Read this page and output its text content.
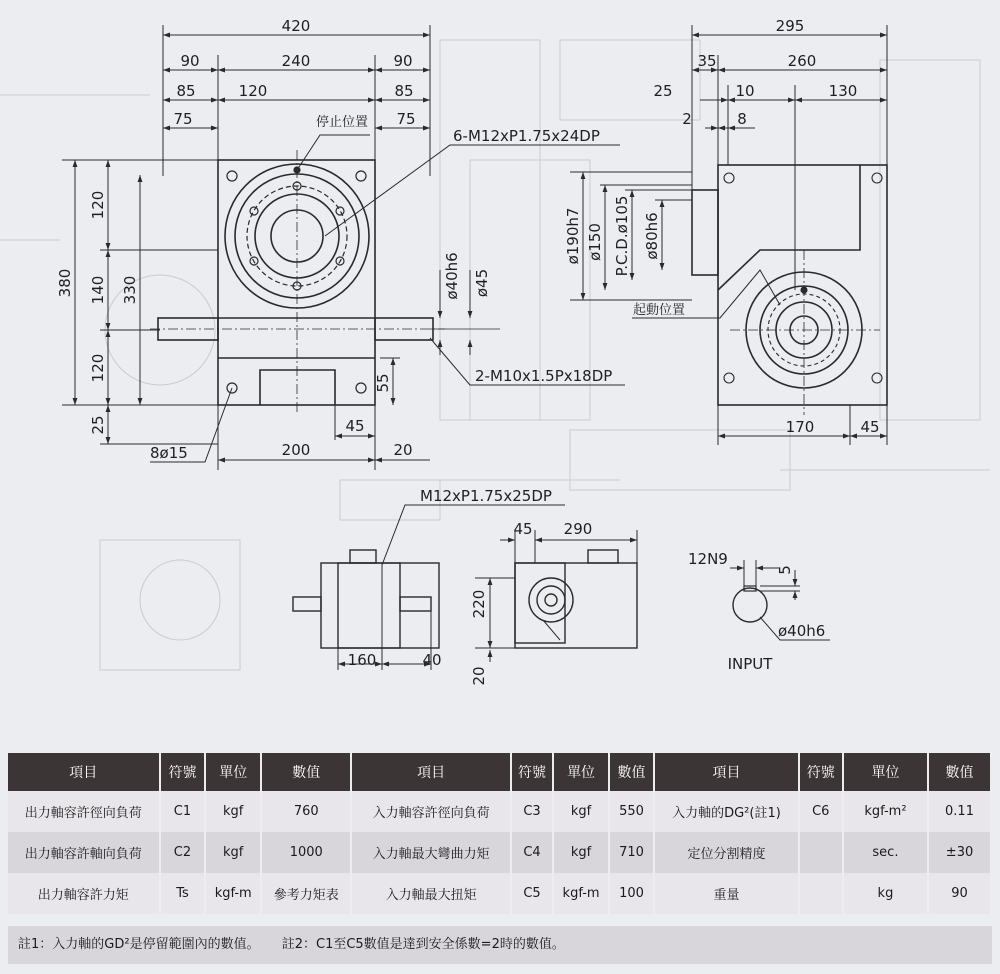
420
90	240	90
85	120	85
75	75
380
120
140
120
330
25
200	20
45
55
ø40h6 ø45
停止位置
6-M12xP1.75x24DP
2-M10x1.5Px18DP
8ø15
295
35	260
25	10	130
2	8
ø190h7 ø150 P.C.D.ø105 ø80h6
170	45
起動位置
160	40
M12xP1.75x25DP
45 290
220
20
12N9
5
ø40h6
INPUT
項目	符號	單位	數值	項目	符號	單位	數值	項目	符號	單位	數值
出力軸容許徑向負荷	C1	kgf	760	入力軸容許徑向負荷	C3	kgf	550	入力軸的DG²(註1)	C6	kgf-m²	0.11
出力軸容許軸向負荷	C2	kgf	1000	入力軸最大彎曲力矩	C4	kgf	710	定位分割精度		sec.	±30
出力軸容許力矩	Ts	kgf-m	參考力矩表	入力軸最大扭矩	C5	kgf-m	100	重量		kg	90
註1：入力軸的GD²是停留範圍內的數值。 註2：C1至C5數值是達到安全係數=2時的數值。
